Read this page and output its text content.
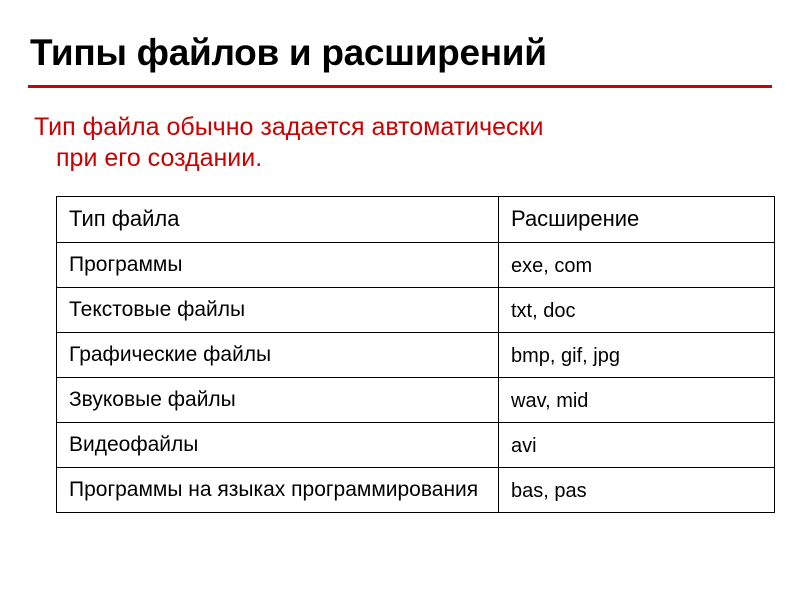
Типы файлов и расширений

Тип файла обычно задается автоматически
при его создании.

Тип файла	Расширение
Программы	exe, com
Текстовые файлы	txt, doc
Графические файлы	bmp, gif, jpg
Звуковые файлы	wav, mid
Видеофайлы	avi
Программы на языках программирования	bas, pas
